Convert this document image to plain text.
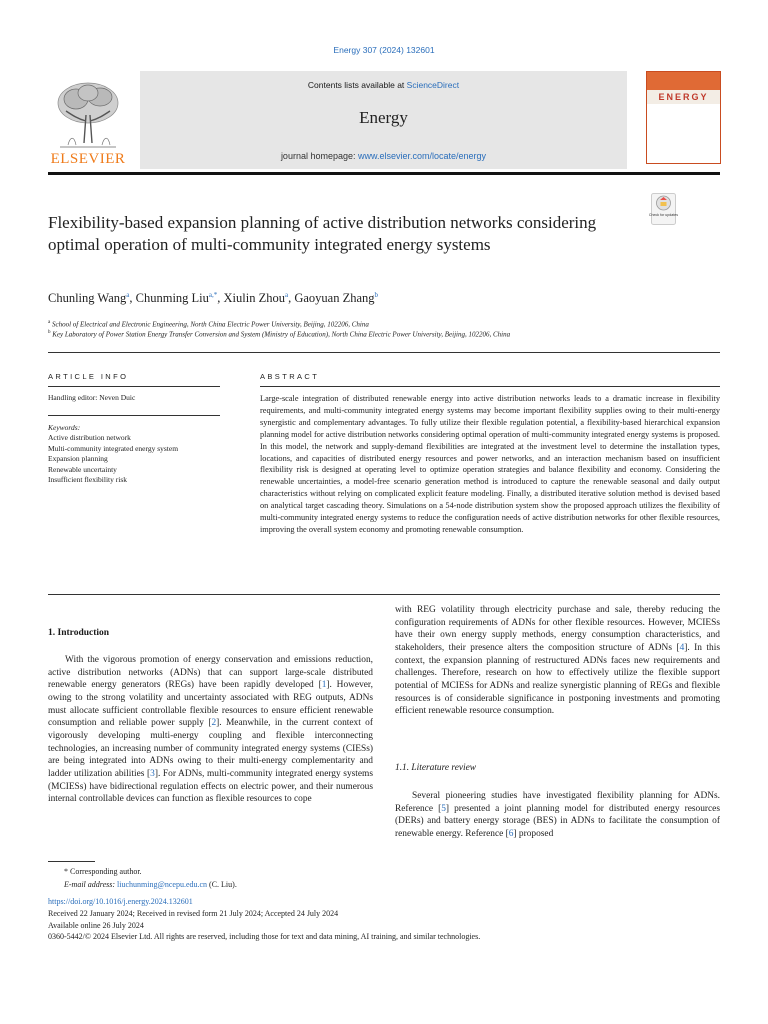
Energy 307 (2024) 132601
Contents lists available at ScienceDirect
Energy
journal homepage: www.elsevier.com/locate/energy
ELSEVIER
ENERGY
Check for updates
Flexibility-based expansion planning of active distribution networks considering optimal operation of multi-community integrated energy systems
Chunling Wang$^a$, Chunming Liu$^{a,*}$, Xiulin Zhou$^a$, Gaoyuan Zhang$^b$
$^a$ School of Electrical and Electronic Engineering, North China Electric Power University, Beijing, 102206, China
$^b$ Key Laboratory of Power Station Energy Transfer Conversion and System (Ministry of Education), North China Electric Power University, Beijing, 102206, China
ARTICLE INFO
Handling editor: Neven Duic
Keywords:
Active distribution network
Multi-community integrated energy system
Expansion planning
Renewable uncertainty
Insufficient flexibility risk
ABSTRACT
Large-scale integration of distributed renewable energy into active distribution networks leads to a dramatic increase in flexibility requirements, and multi-community integrated energy systems may become important flexibility supplies owing to their multi-energy synergistic and complementary advantages. To fully utilize their flexible regulation potential, a flexibility-based hierarchical expansion planning model for active distribution networks considering optimal operation of multi-community integrated energy systems is proposed. In this model, the network and supply-demand flexibilities are integrated at the investment level to determine the installation types, locations, and capacities of distributed energy resources and power networks, and an interaction mechanism based on insufficient flexibility risk is designed at operating level to optimize operation strategies and balance flexibility and economy. Considering the renewable uncertainties, a model-free scenario generation method is introduced to capture the renewable seasonal and daily output characteristics without relying on complicated explicit feature modeling. Finally, a distributed iterative solution method is devised based on analytical target cascading theory. Simulations on a 54-node distribution system show the proposed approach utilizes the flexibility of multi-community integrated energy systems to reduce the configuration needs of active distribution networks for other flexible resources, improving the overall system economy and promoting renewable consumption.
1. Introduction
With the vigorous promotion of energy conservation and emissions reduction, active distribution networks (ADNs) that can support large-scale distributed renewable energy generators (REGs) have been rapidly developed [1]. However, owing to the strong volatility and uncertainty associated with REG outputs, ADNs must allocate sufficient controllable flexible resources to ensure efficient renewable consumption and reliable power supply [2]. Meanwhile, in the current context of vigorously developing multi-energy coupling and flexible interconnecting technologies, an increasing number of community integrated energy systems (CIESs) are being integrated into ADNs owing to their multi-energy complementarity and ladder utilization abilities [3]. For ADNs, multi-community integrated energy systems (MCIESs) have bidirectional regulation effects on electric power, and their numerous internal controllable devices can function as flexible resources to cope
with REG volatility through electricity purchase and sale, thereby reducing the configuration requirements of ADNs for other flexible resources. However, MCIESs have their own energy supply methods, energy consumption characteristics, and stakeholders, their presence alters the composition structure of ADNs [4]. In this context, the expansion planning of restructured ADNs faces new requirements and challenges. Therefore, research on how to effectively utilize the flexible support potential of MCIESs for ADNs and realize synergistic planning of REGs and flexible resources is of considerable significance in postponing investments and promoting efficient renewable resource consumption.
1.1. Literature review
Several pioneering studies have investigated flexibility planning for ADNs. Reference [5] presented a joint planning model for distributed energy resources (DERs) and battery energy storage (BES) in ADNs to facilitate the consumption of renewable energy. Reference [6] proposed
* Corresponding author.
E-mail address: liuchunming@ncepu.edu.cn (C. Liu).
https://doi.org/10.1016/j.energy.2024.132601
Received 22 January 2024; Received in revised form 21 July 2024; Accepted 24 July 2024
Available online 26 July 2024
0360-5442/© 2024 Elsevier Ltd. All rights are reserved, including those for text and data mining, AI training, and similar technologies.
